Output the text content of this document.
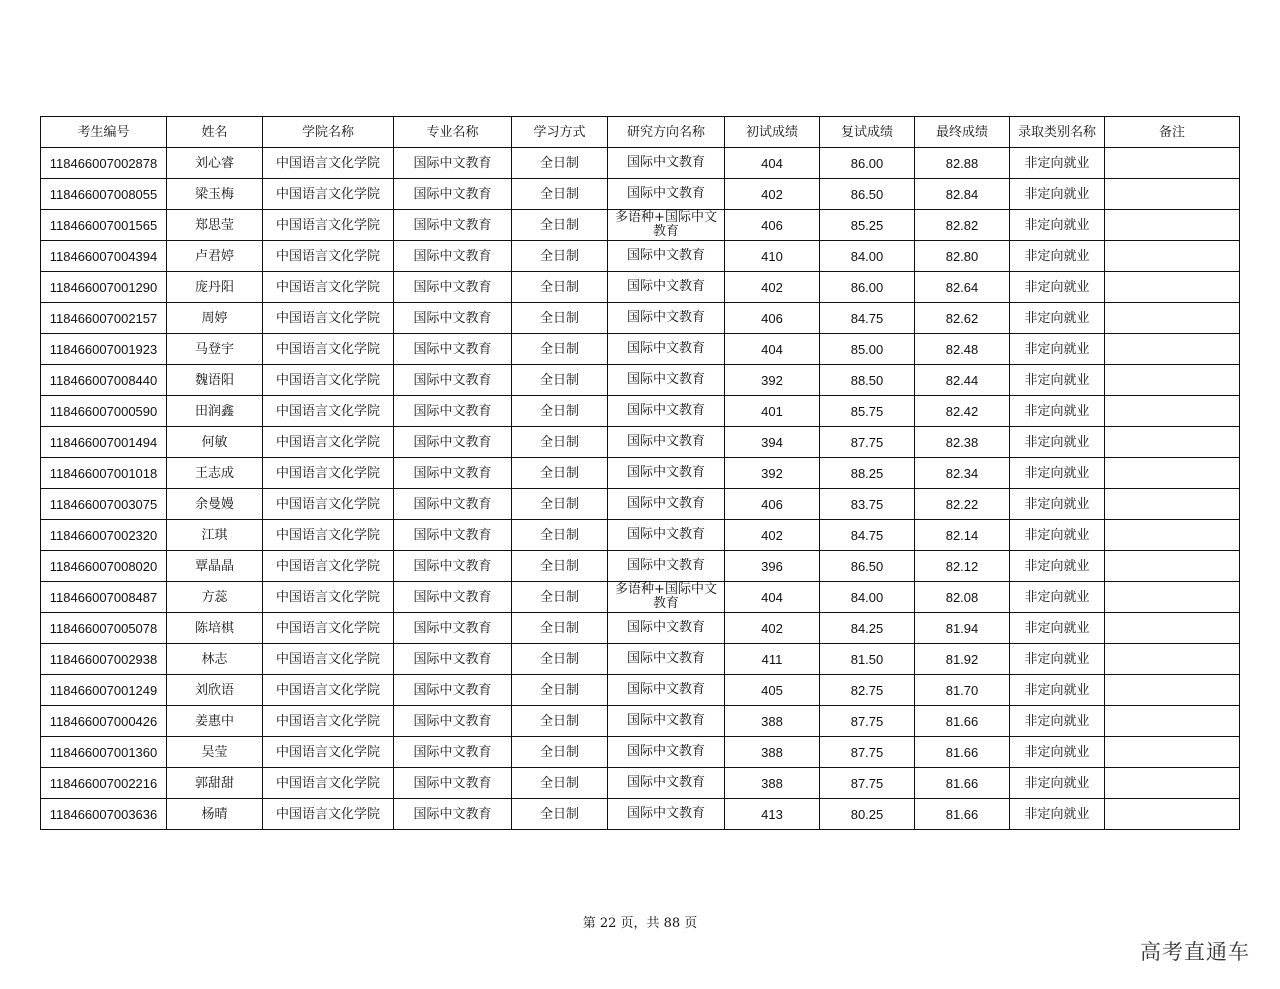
考生编号	姓名	学院名称	专业名称	学习方式	研究方向名称	初试成绩	复试成绩	最终成绩	录取类别名称	备注
118466007002878	刘心睿	中国语言文化学院	国际中文教育	全日制	国际中文教育	404	86.00	82.88	非定向就业	
118466007008055	梁玉梅	中国语言文化学院	国际中文教育	全日制	国际中文教育	402	86.50	82.84	非定向就业	
118466007001565	郑思莹	中国语言文化学院	国际中文教育	全日制	多语种+国际中文
教育	406	85.25	82.82	非定向就业	
118466007004394	卢君婷	中国语言文化学院	国际中文教育	全日制	国际中文教育	410	84.00	82.80	非定向就业	
118466007001290	庞丹阳	中国语言文化学院	国际中文教育	全日制	国际中文教育	402	86.00	82.64	非定向就业	
118466007002157	周婷	中国语言文化学院	国际中文教育	全日制	国际中文教育	406	84.75	82.62	非定向就业	
118466007001923	马登宇	中国语言文化学院	国际中文教育	全日制	国际中文教育	404	85.00	82.48	非定向就业	
118466007008440	魏语阳	中国语言文化学院	国际中文教育	全日制	国际中文教育	392	88.50	82.44	非定向就业	
118466007000590	田润鑫	中国语言文化学院	国际中文教育	全日制	国际中文教育	401	85.75	82.42	非定向就业	
118466007001494	何敏	中国语言文化学院	国际中文教育	全日制	国际中文教育	394	87.75	82.38	非定向就业	
118466007001018	王志成	中国语言文化学院	国际中文教育	全日制	国际中文教育	392	88.25	82.34	非定向就业	
118466007003075	余曼嫚	中国语言文化学院	国际中文教育	全日制	国际中文教育	406	83.75	82.22	非定向就业	
118466007002320	江琪	中国语言文化学院	国际中文教育	全日制	国际中文教育	402	84.75	82.14	非定向就业	
118466007008020	覃晶晶	中国语言文化学院	国际中文教育	全日制	国际中文教育	396	86.50	82.12	非定向就业	
118466007008487	方蕊	中国语言文化学院	国际中文教育	全日制	多语种+国际中文
教育	404	84.00	82.08	非定向就业	
118466007005078	陈培棋	中国语言文化学院	国际中文教育	全日制	国际中文教育	402	84.25	81.94	非定向就业	
118466007002938	林志	中国语言文化学院	国际中文教育	全日制	国际中文教育	411	81.50	81.92	非定向就业	
118466007001249	刘欣语	中国语言文化学院	国际中文教育	全日制	国际中文教育	405	82.75	81.70	非定向就业	
118466007000426	姜惠中	中国语言文化学院	国际中文教育	全日制	国际中文教育	388	87.75	81.66	非定向就业	
118466007001360	吴莹	中国语言文化学院	国际中文教育	全日制	国际中文教育	388	87.75	81.66	非定向就业	
118466007002216	郭甜甜	中国语言文化学院	国际中文教育	全日制	国际中文教育	388	87.75	81.66	非定向就业	
118466007003636	杨晴	中国语言文化学院	国际中文教育	全日制	国际中文教育	413	80.25	81.66	非定向就业	
第 22 页，共 88 页
高考直通车
